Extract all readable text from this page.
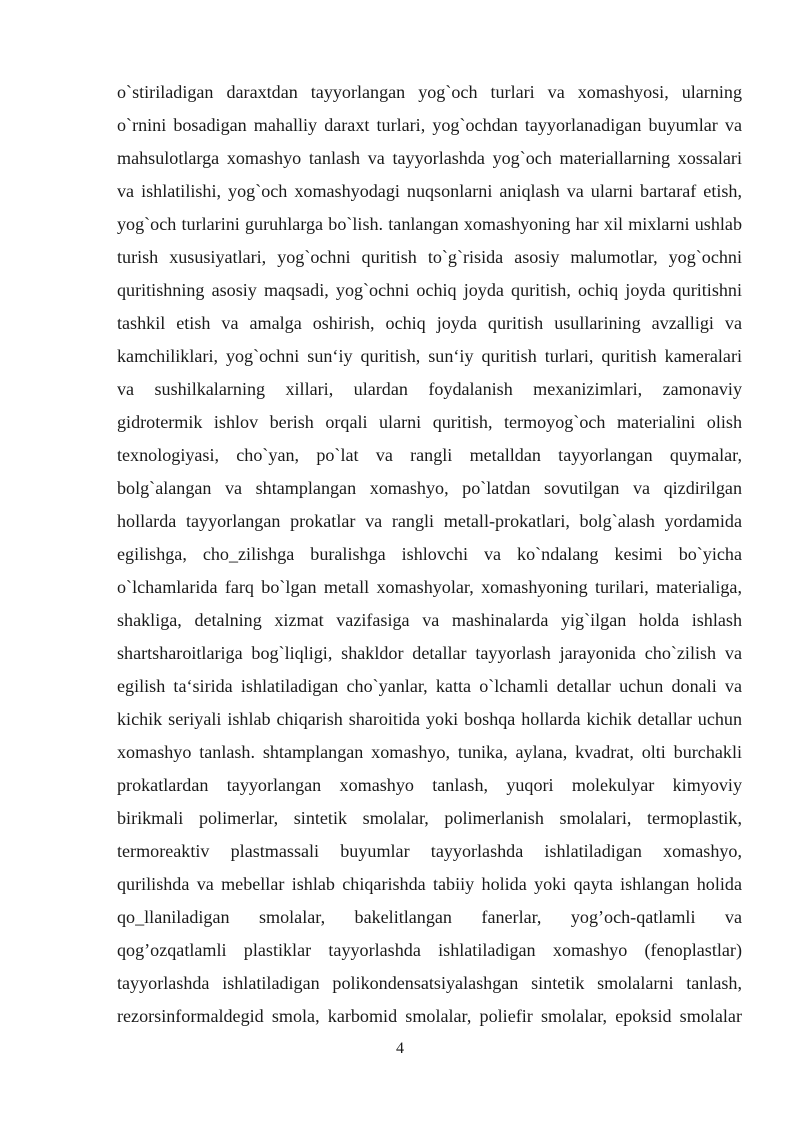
o`stiriladigan daraxtdan tayyorlangan yog`och turlari va xomashyosi, ularning
o`rnini bosadigan mahalliy daraxt turlari, yog`ochdan tayyorlanadigan buyumlar va
mahsulotlarga xomashyo tanlash va tayyorlashda yog`och materiallarning xossalari
va ishlatilishi, yog`och xomashyodagi nuqsonlarni aniqlash va ularni bartaraf etish,
yog`och turlarini guruhlarga bo`lish. tanlangan xomashyoning har xil mixlarni ushlab
turish xususiyatlari, yog`ochni quritish to`g`risida asosiy malumotlar, yog`ochni
quritishning asosiy maqsadi, yog`ochni ochiq joyda quritish, ochiq joyda quritishni
tashkil etish va amalga oshirish, ochiq joyda quritish usullarining avzalligi va
kamchiliklari, yog`ochni sun‘iy quritish, sun‘iy quritish turlari, quritish kameralari
va sushilkalarning xillari, ulardan foydalanish mexanizimlari, zamonaviy
gidrotermik ishlov berish orqali ularni quritish, termoyog`och materialini olish
texnologiyasi, cho`yan, po`lat va rangli metalldan tayyorlangan quymalar,
bolg`alangan va shtamplangan xomashyo, po`latdan sovutilgan va qizdirilgan
hollarda tayyorlangan prokatlar va rangli metall-prokatlari, bolg`alash yordamida
egilishga, cho_zilishga buralishga ishlovchi va ko`ndalang kesimi bo`yicha
o`lchamlarida farq bo`lgan metall xomashyolar, xomashyoning turilari, materialiga,
shakliga, detalning xizmat vazifasiga va mashinalarda yig`ilgan holda ishlash
shartsharoitlariga bog`liqligi, shakldor detallar tayyorlash jarayonida cho`zilish va
egilish ta‘sirida ishlatiladigan cho`yanlar, katta o`lchamli detallar uchun donali va
kichik seriyali ishlab chiqarish sharoitida yoki boshqa hollarda kichik detallar uchun
xomashyo tanlash. shtamplangan xomashyo, tunika, aylana, kvadrat, olti burchakli
prokatlardan tayyorlangan xomashyo tanlash, yuqori molekulyar kimyoviy
birikmali polimerlar, sintetik smolalar, polimerlanish smolalari, termoplastik,
termoreaktiv plastmassali buyumlar tayyorlashda ishlatiladigan xomashyo,
qurilishda va mebellar ishlab chiqarishda tabiiy holida yoki qayta ishlangan holida
qo_llaniladigan smolalar, bakelitlangan fanerlar, yog’och-qatlamli va
qog’ozqatlamli plastiklar tayyorlashda ishlatiladigan xomashyo (fenoplastlar)
tayyorlashda ishlatiladigan polikondensatsiyalashgan sintetik smolalarni tanlash,
rezorsinformaldegid smola, karbomid smolalar, poliefir smolalar, epoksid smolalar
4
